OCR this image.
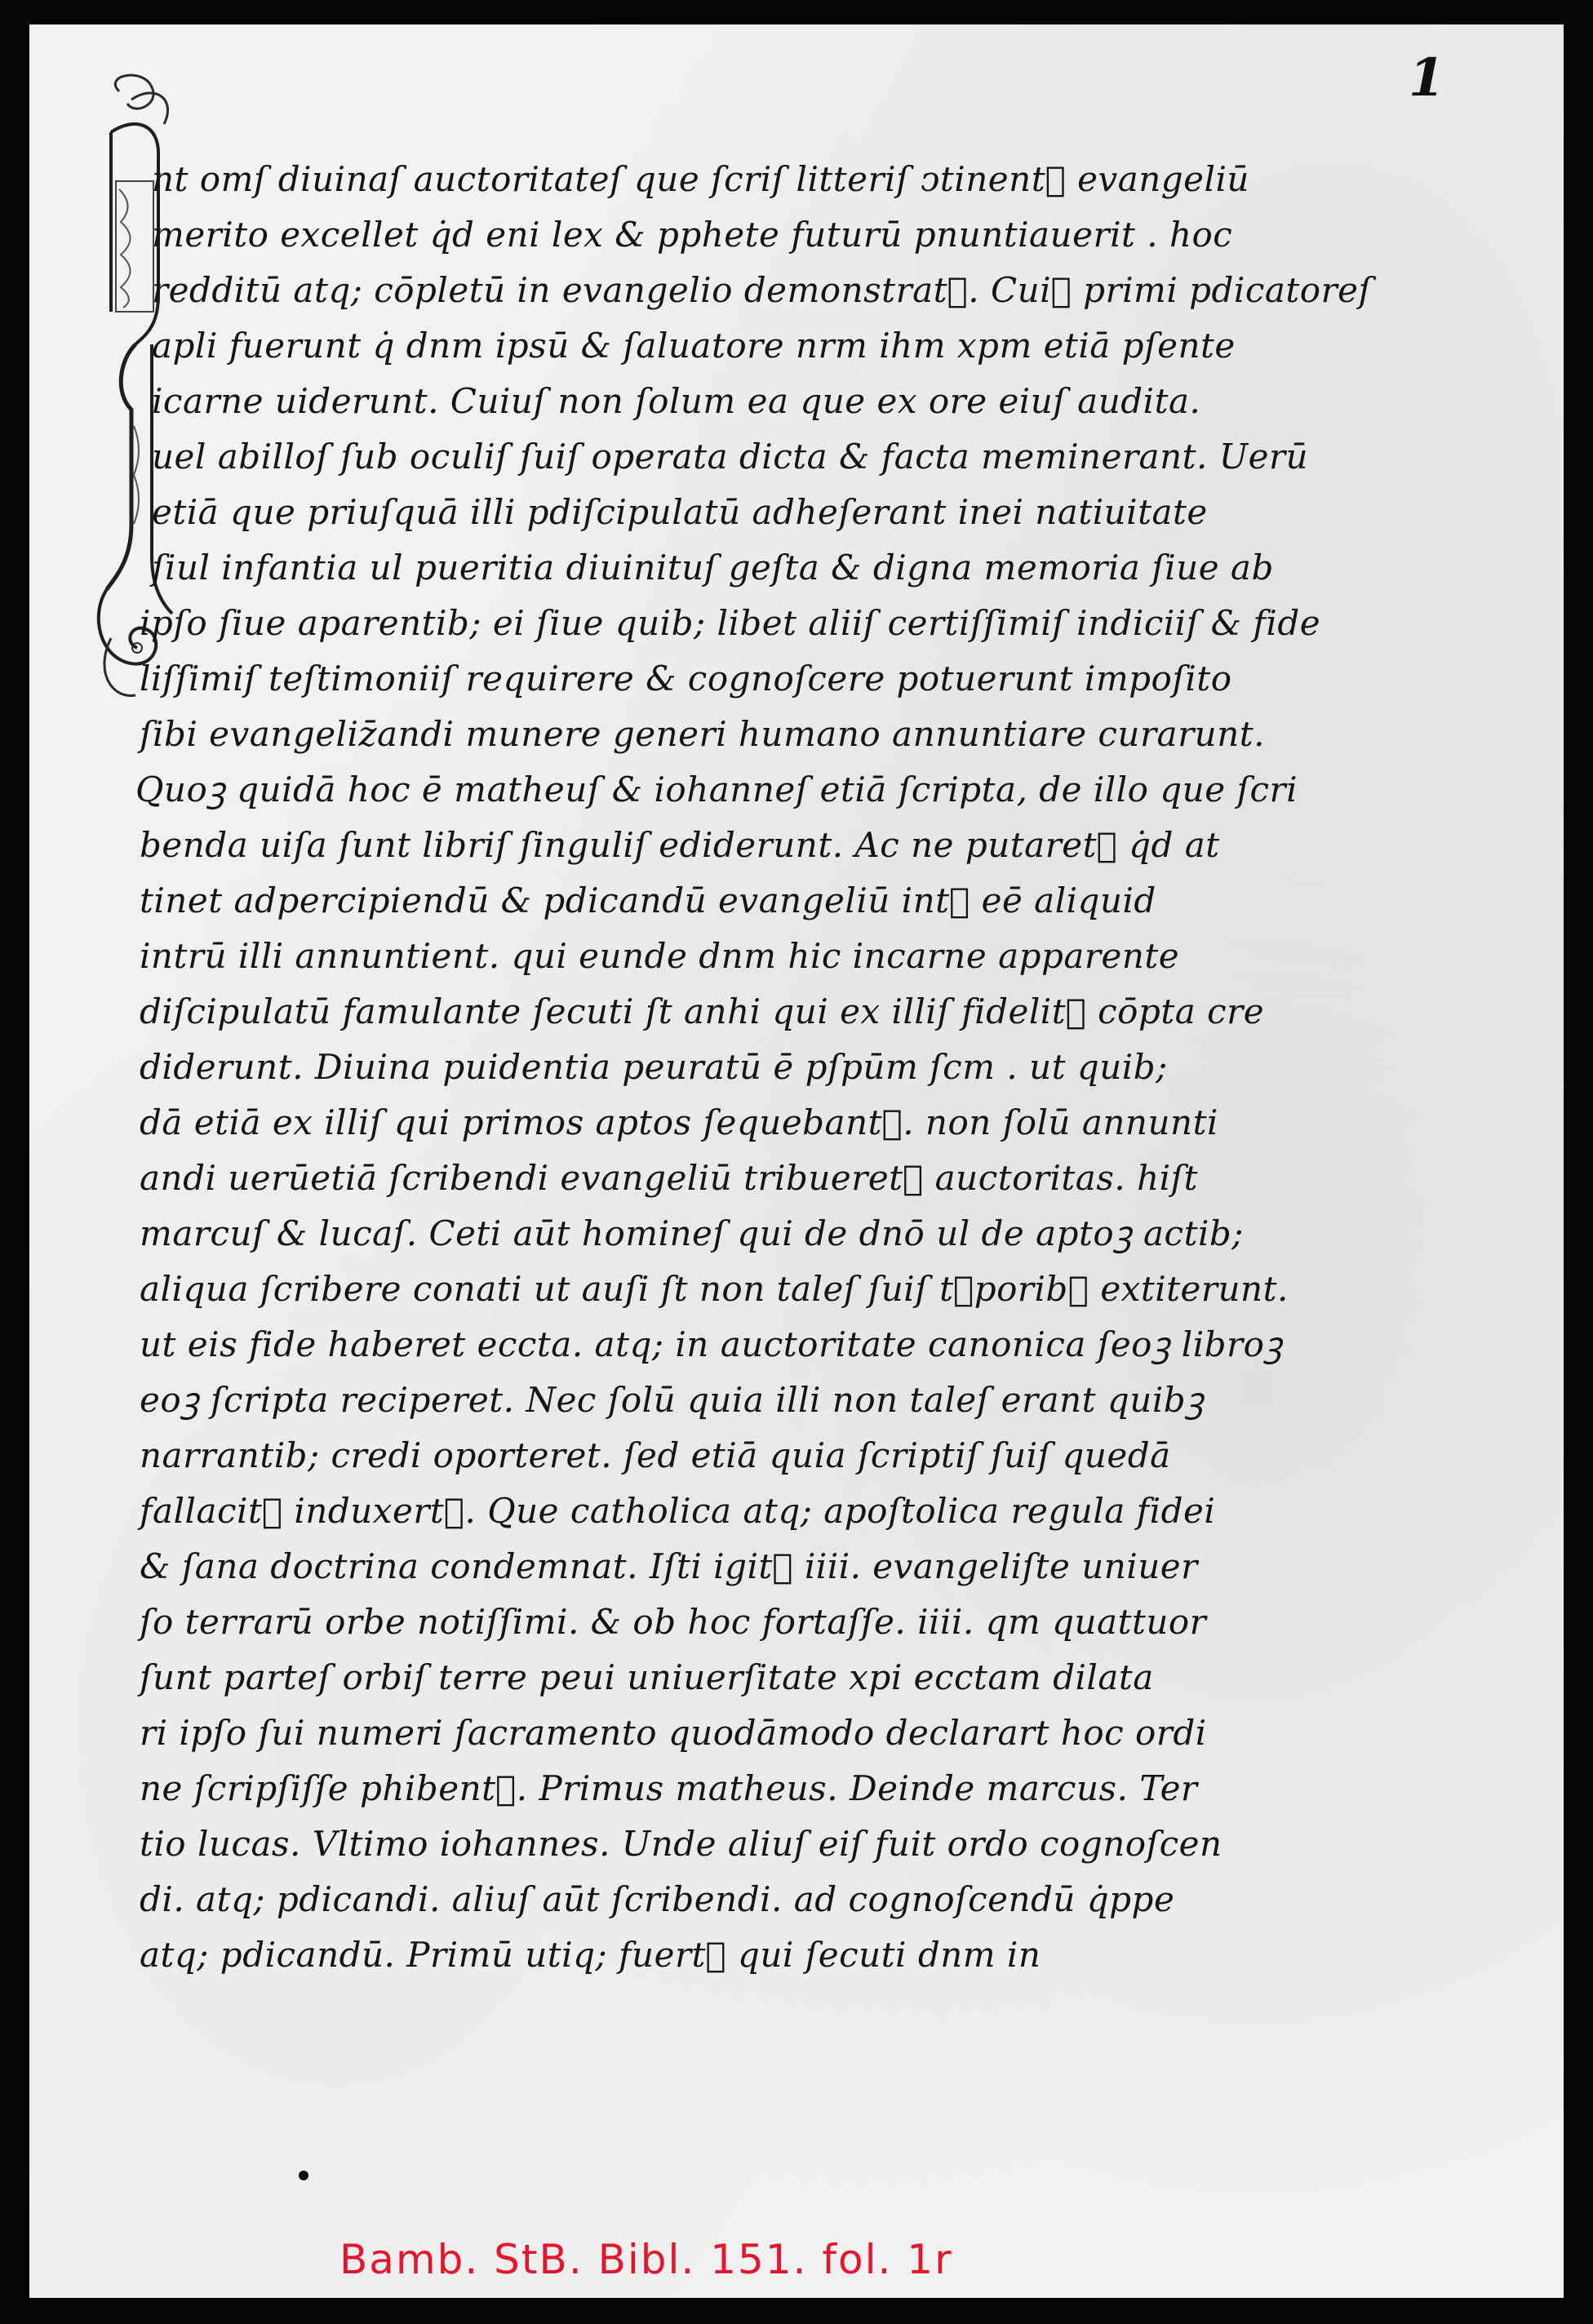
1
nt omſ diuinaſ auctoritateſ que ſcriſ litteriſ ↄtinent᷑ evangeliū
merito excellet q̇d eni lex & pphete futurū pnuntiauerit . hoc
redditū atq; cōpletū in evangelio demonstrat᷑. Cui᷑ primi pdicatoreſ
apli fuerunt q̇ dnm ipsū & ſaluatore nrm ihm xpm etiā pſente
icarne uiderunt. Cuiuſ non ſolum ea que ex ore eiuſ audita.
uel abilloſ ſub oculiſ ſuiſ operata dicta & facta meminerant. Uerū
etiā que priuſquā illi pdiſcipulatū adheſerant inei natiuitate
ſiul infantia ul pueritia diuinituſ geſta & digna memoria ſiue ab
ipſo ſiue aparentib; ei ſiue quib; libet aliiſ certiſſimiſ indiciiſ & fide
liſſimiſ teſtimoniiſ requirere & cognoſcere potuerunt impoſito
ſibi evangeliz̄andi munere generi humano annuntiare curarunt.
Quoꝫ quidā hoc ē matheuſ & iohanneſ etiā ſcripta, de illo que ſcri
benda uiſa ſunt libriſ ſinguliſ ediderunt. Ac ne putaret᷑ q̇d at
tinet adpercipiendū & pdicandū evangeliū int᷑ eē aliquid
intrū illi annuntient. qui eunde dnm hic incarne apparente
diſcipulatū famulante ſecuti ſt anhi qui ex illiſ fidelit᷑ cōpta cre
diderunt. Diuina puidentia peuratū ē pſpūm ſcm . ut quib;
dā etiā ex illiſ qui primos aptos ſequebant᷑. non ſolū annunti
andi uerūetiā ſcribendi evangeliū tribueret᷑ auctoritas. hiſt
marcuſ & lucaſ. Ceti aūt homineſ qui de dnō ul de aptoꝫ actib;
aliqua ſcribere conati ut auſi ſt non taleſ ſuiſ t᷑poribꝫ extiterunt.
ut eis fide haberet eccta. atq; in auctoritate canonica ſeoꝫ libroꝫ
eoꝫ ſcripta reciperet. Nec ſolū quia illi non taleſ erant quibꝫ
narrantib; credi oporteret. ſed etiā quia ſcriptiſ ſuiſ quedā
fallacit᷑ induxert᷑. Que catholica atq; apoſtolica regula fidei
& ſana doctrina condemnat. Iſti igit᷑ iiii. evangeliſte uniuer
ſo terrarū orbe notiſſimi. & ob hoc fortaſſe. iiii. qm quattuor
ſunt parteſ orbiſ terre peui uniuerſitate xpi ecctam dilata
ri ipſo ſui numeri ſacramento quodāmodo declarart hoc ordi
ne ſcripſiſſe phibent᷑. Primus matheus. Deinde marcus. Ter
tio lucas. Vltimo iohannes. Unde aliuſ eiſ fuit ordo cognoſcen
di. atq; pdicandi. aliuſ aūt ſcribendi. ad cognoſcendū q̇ppe
atq; pdicandū. Primū utiq; fuert᷑ qui ſecuti dnm in
Bamb. StB. Bibl. 151. fol. 1r
